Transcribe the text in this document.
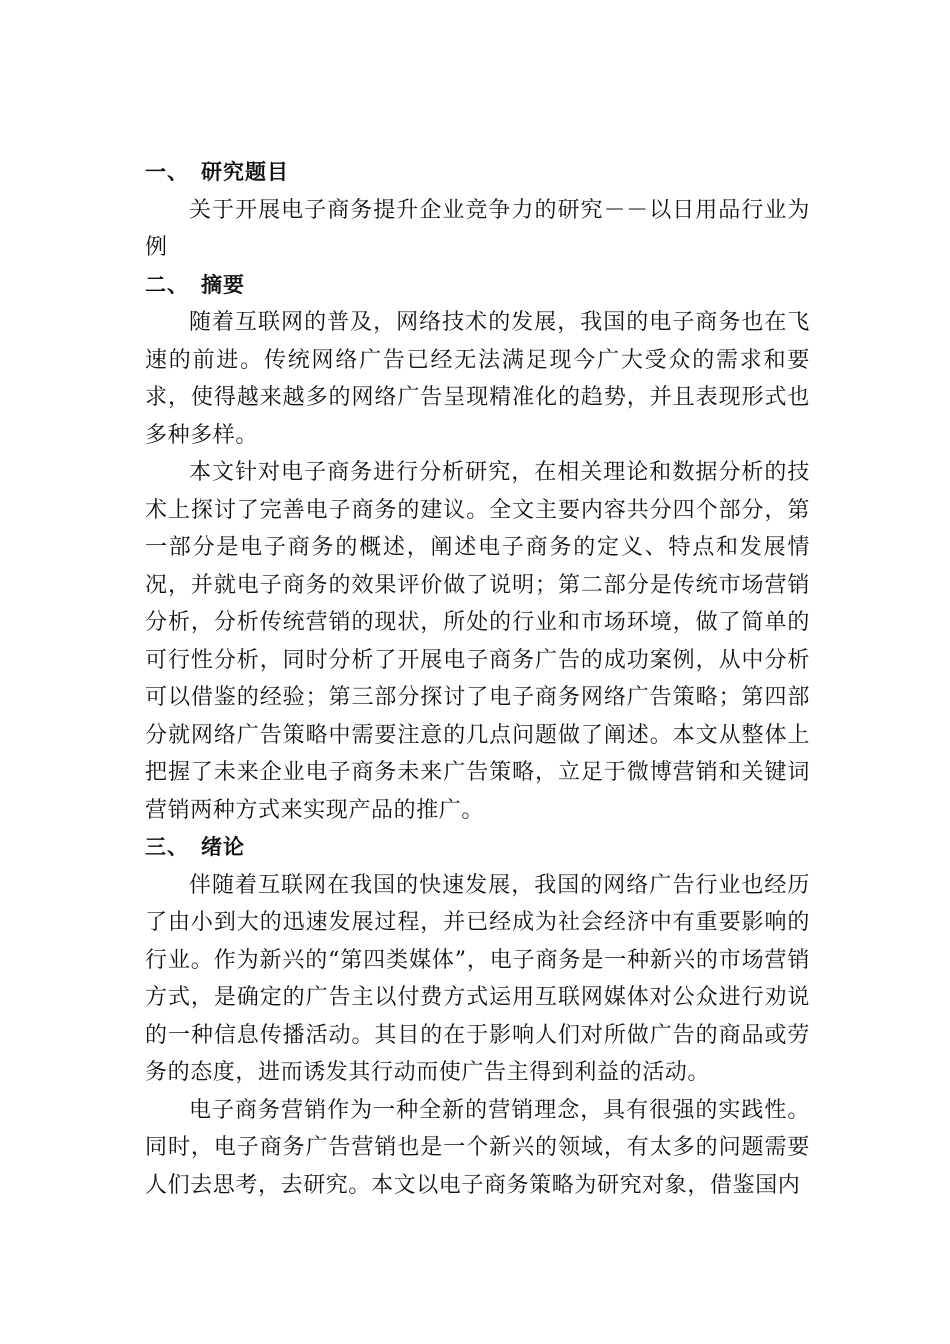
一、 研究题目

关于开展电子商务提升企业竞争力的研究－－以日用品行业为例

二、 摘要

随着互联网的普及，网络技术的发展，我国的电子商务也在飞速的前进。传统网络广告已经无法满足现今广大受众的需求和要求，使得越来越多的网络广告呈现精准化的趋势，并且表现形式也多种多样。

本文针对电子商务进行分析研究，在相关理论和数据分析的技术上探讨了完善电子商务的建议。全文主要内容共分四个部分，第一部分是电子商务的概述，阐述电子商务的定义、特点和发展情况，并就电子商务的效果评价做了说明；第二部分是传统市场营销分析，分析传统营销的现状，所处的行业和市场环境，做了简单的可行性分析，同时分析了开展电子商务广告的成功案例，从中分析可以借鉴的经验；第三部分探讨了电子商务网络广告策略；第四部分就网络广告策略中需要注意的几点问题做了阐述。本文从整体上把握了未来企业电子商务未来广告策略，立足于微博营销和关键词营销两种方式来实现产品的推广。

三、 绪论

伴随着互联网在我国的快速发展，我国的网络广告行业也经历了由小到大的迅速发展过程，并已经成为社会经济中有重要影响的行业。作为新兴的“第四类媒体”，电子商务是一种新兴的市场营销方式，是确定的广告主以付费方式运用互联网媒体对公众进行劝说的一种信息传播活动。其目的在于影响人们对所做广告的商品或劳务的态度，进而诱发其行动而使广告主得到利益的活动。

电子商务营销作为一种全新的营销理念，具有很强的实践性。同时，电子商务广告营销也是一个新兴的领域，有太多的问题需要人们去思考，去研究。本文以电子商务策略为研究对象，借鉴国内
